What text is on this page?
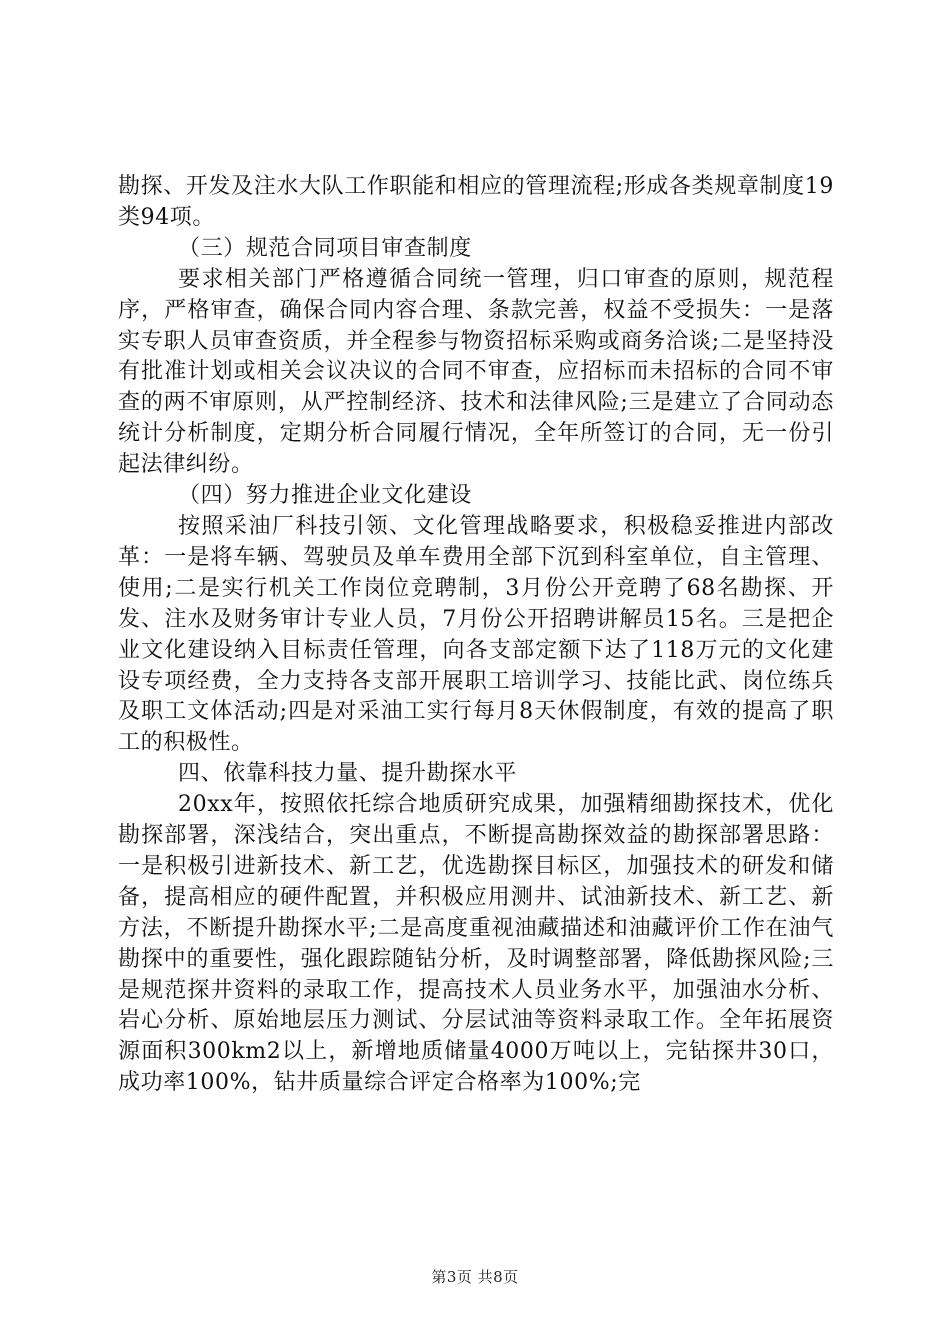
勘探、开发及注水大队工作职能和相应的管理流程;形成各类规章制度19类94项。

（三）规范合同项目审查制度

要求相关部门严格遵循合同统一管理，归口审查的原则，规范程序，严格审查，确保合同内容合理、条款完善，权益不受损失：一是落实专职人员审查资质，并全程参与物资招标采购或商务洽谈;二是坚持没有批准计划或相关会议决议的合同不审查，应招标而未招标的合同不审查的两不审原则，从严控制经济、技术和法律风险;三是建立了合同动态统计分析制度，定期分析合同履行情况，全年所签订的合同，无一份引起法律纠纷。

（四）努力推进企业文化建设

按照采油厂科技引领、文化管理战略要求，积极稳妥推进内部改革：一是将车辆、驾驶员及单车费用全部下沉到科室单位，自主管理、使用;二是实行机关工作岗位竞聘制，3月份公开竞聘了68名勘探、开发、注水及财务审计专业人员，7月份公开招聘讲解员15名。三是把企业文化建设纳入目标责任管理，向各支部定额下达了118万元的文化建设专项经费，全力支持各支部开展职工培训学习、技能比武、岗位练兵及职工文体活动;四是对采油工实行每月8天休假制度，有效的提高了职工的积极性。

四、依靠科技力量、提升勘探水平

20xx年，按照依托综合地质研究成果，加强精细勘探技术，优化勘探部署，深浅结合，突出重点，不断提高勘探效益的勘探部署思路：一是积极引进新技术、新工艺，优选勘探目标区，加强技术的研发和储备，提高相应的硬件配置，并积极应用测井、试油新技术、新工艺、新方法，不断提升勘探水平;二是高度重视油藏描述和油藏评价工作在油气勘探中的重要性，强化跟踪随钻分析，及时调整部署，降低勘探风险;三是规范探井资料的录取工作，提高技术人员业务水平，加强油水分析、岩心分析、原始地层压力测试、分层试油等资料录取工作。全年拓展资源面积300km2以上，新增地质储量4000万吨以上，完钻探井30口，成功率100%，钻井质量综合评定合格率为100%;完

第3页 共8页
